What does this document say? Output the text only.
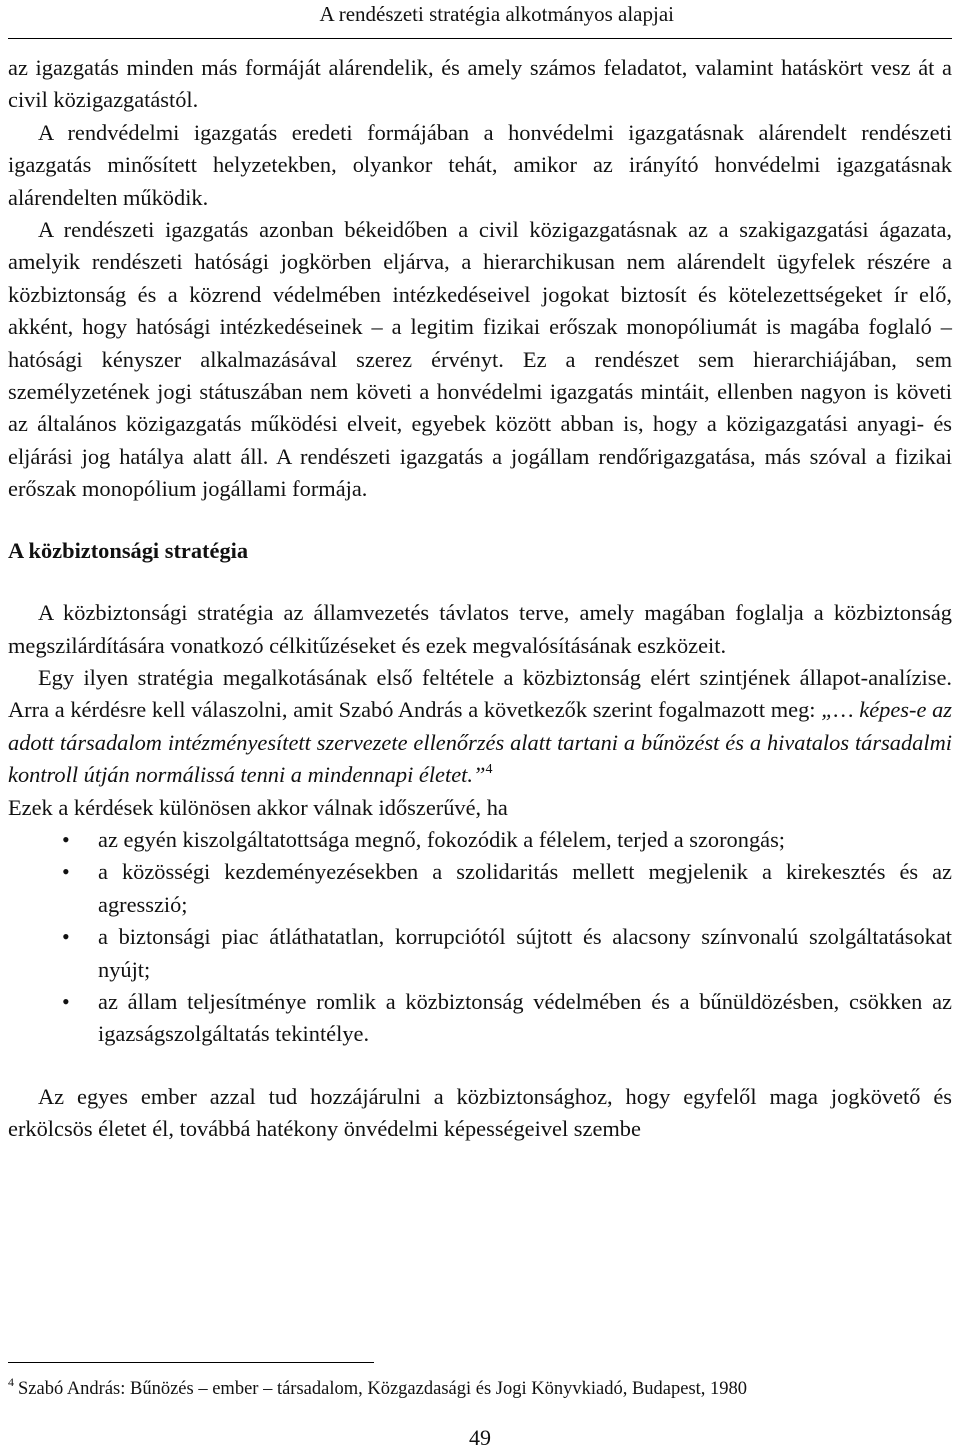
A rendészeti stratégia alkotmányos alapjai

az igazgatás minden más formáját alárendelik, és amely számos feladatot, valamint hatáskört vesz át a civil közigazgatástól.

A rendvédelmi igazgatás eredeti formájában a honvédelmi igazgatásnak alárendelt rendészeti igazgatás minősített helyzetekben, olyankor tehát, amikor az irányító honvédelmi igazgatásnak alárendelten működik.

A rendészeti igazgatás azonban békeidőben a civil közigazgatásnak az a szakigazgatási ágazata, amelyik rendészeti hatósági jogkörben eljárva, a hierarchikusan nem alárendelt ügyfelek részére a közbiztonság és a közrend védelmében intézkedéseivel jogokat biztosít és kötelezettségeket ír elő, akként, hogy hatósági intézkedéseinek – a legitim fizikai erőszak monopóliumát is magába foglaló – hatósági kényszer alkalmazásával szerez érvényt. Ez a rendészet sem hierarchiájában, sem személyzetének jogi státuszában nem követi a honvédelmi igazgatás mintáit, ellenben nagyon is követi az általános közigazgatás működési elveit, egyebek között abban is, hogy a közigazgatási anyagi- és eljárási jog hatálya alatt áll. A rendészeti igazgatás a jogállam rendőrigazgatása, más szóval a fizikai erőszak monopólium jogállami formája.

A közbiztonsági stratégia

A közbiztonsági stratégia az államvezetés távlatos terve, amely magában foglalja a közbiztonság megszilárdítására vonatkozó célkitűzéseket és ezek megvalósításának eszközeit.

Egy ilyen stratégia megalkotásának első feltétele a közbiztonság elért szintjének állapot-analízise. Arra a kérdésre kell válaszolni, amit Szabó András a következők szerint fogalmazott meg: „… képes-e az adott társadalom intézményesített szervezete ellenőrzés alatt tartani a bűnözést és a hivatalos társadalmi kontroll útján normálissá tenni a mindennapi életet.”$^4$

Ezek a kérdések különösen akkor válnak időszerűvé, ha

• az egyén kiszolgáltatottsága megnő, fokozódik a félelem, terjed a szorongás;
• a közösségi kezdeményezésekben a szolidaritás mellett megjelenik a kirekesztés és az agresszió;
• a biztonsági piac átláthatatlan, korrupciótól sújtott és alacsony színvonalú szolgáltatásokat nyújt;
• az állam teljesítménye romlik a közbiztonság védelmében és a bűnüldözésben, csökken az igazságszolgáltatás tekintélye.

Az egyes ember azzal tud hozzájárulni a közbiztonsághoz, hogy egyfelől maga jogkövető és erkölcsös életet él, továbbá hatékony önvédelmi képességeivel szembe

$^4$ Szabó András: Bűnözés – ember – társadalom, Közgazdasági és Jogi Könyvkiadó, Budapest, 1980
49
